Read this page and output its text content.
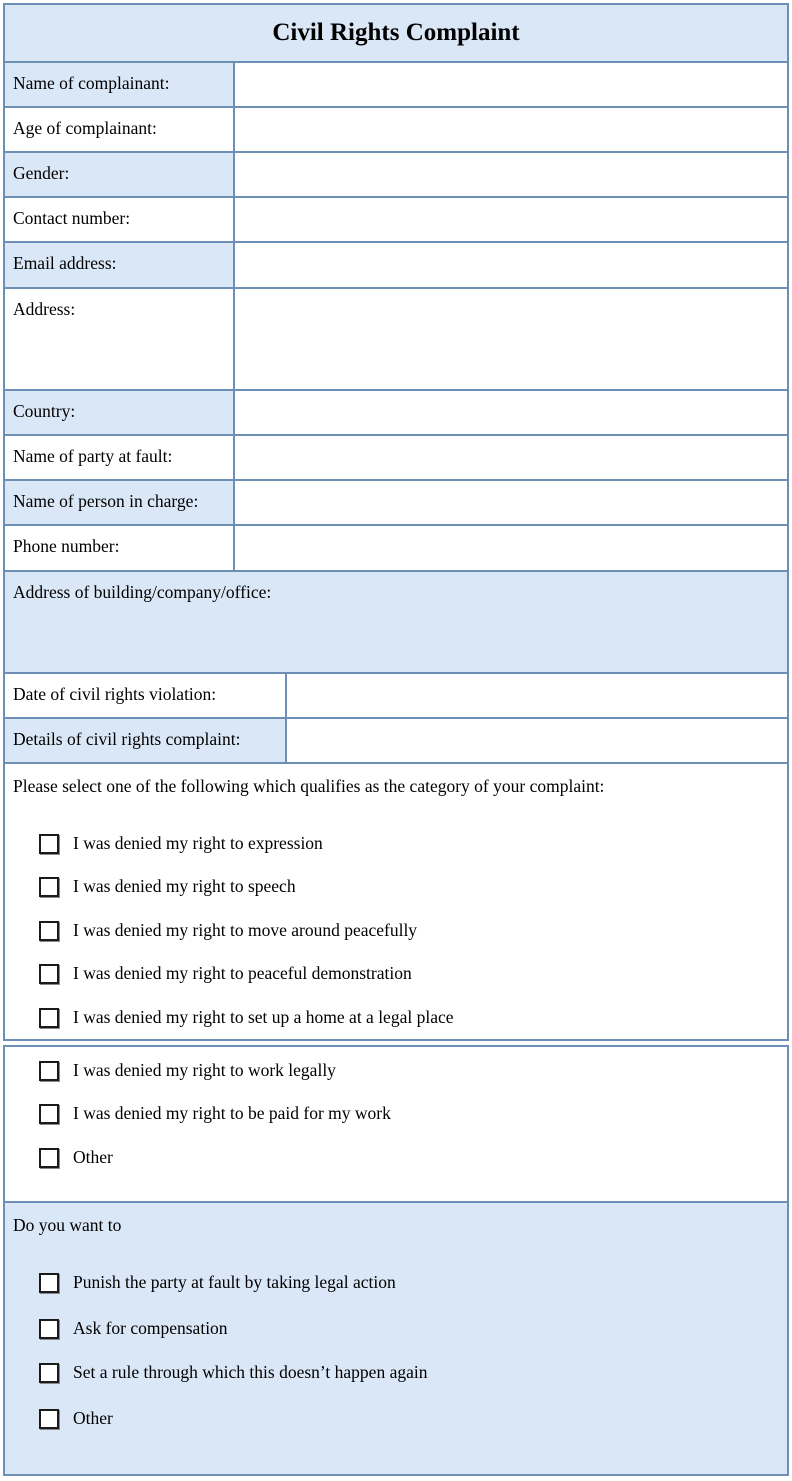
Civil Rights Complaint
Name of complainant:
Age of complainant:
Gender:
Contact number:
Email address:
Address:
Country:
Name of party at fault:
Name of person in charge:
Phone number:
Address of building/company/office:
Date of civil rights violation:
Details of civil rights complaint:
Please select one of the following which qualifies as the category of your complaint:
I was denied my right to expression
I was denied my right to speech
I was denied my right to move around peacefully
I was denied my right to peaceful demonstration
I was denied my right to set up a home at a legal place
I was denied my right to work legally
I was denied my right to be paid for my work
Other
Do you want to
Punish the party at fault by taking legal action
Ask for compensation
Set a rule through which this doesn’t happen again
Other
